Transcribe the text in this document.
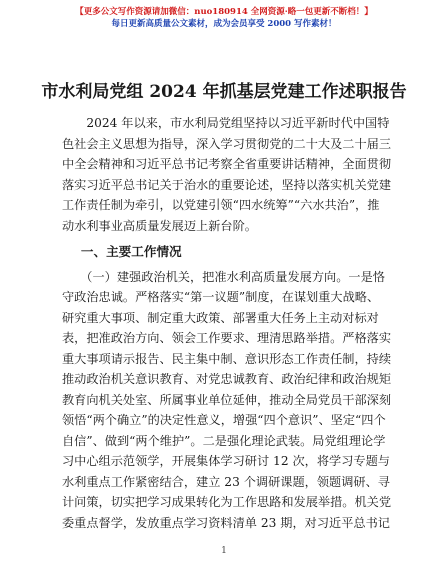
【更多公文写作资源请加微信：nuo180914 全网资源·略一包更新不断档！】
每日更新高质量公文素材，成为会员享受 2000 写作素材！
市水利局党组 2024 年抓基层党建工作述职报告

2024 年以来，市水利局党组坚持以习近平新时代中国特
色社会主义思想为指导，深入学习贯彻党的二十大及二十届三
中全会精神和习近平总书记考察全省重要讲话精神，全面贯彻
落实习近平总书记关于治水的重要论述，坚持以落实机关党建
工作责任制为牵引，以党建引领“四水统筹”“六水共治”，推
动水利事业高质量发展迈上新台阶。

一、主要工作情况

（一）建强政治机关，把准水利高质量发展方向。一是恪
守政治忠诚。严格落实“第一议题”制度，在谋划重大战略、
研究重大事项、制定重大政策、部署重大任务上主动对标对
表，把准政治方向、领会工作要求、理清思路举措。严格落实
重大事项请示报告、民主集中制、意识形态工作责任制，持续
推动政治机关意识教育、对党忠诚教育、政治纪律和政治规矩
教育向机关处室、所属事业单位延伸，推动全局党员干部深刻
领悟“两个确立”的决定性意义，增强“四个意识”、坚定“四个
自信”、做到“两个维护”。二是强化理论武装。局党组理论学
习中心组示范领学，开展集体学习研讨 12 次，将学习专题与
水利重点工作紧密结合，建立 23 个调研课题，领题调研、寻
计问策，切实把学习成果转化为工作思路和发展举措。机关党
委重点督学，发放重点学习资料清单 23 期，对习近平总书记

1
